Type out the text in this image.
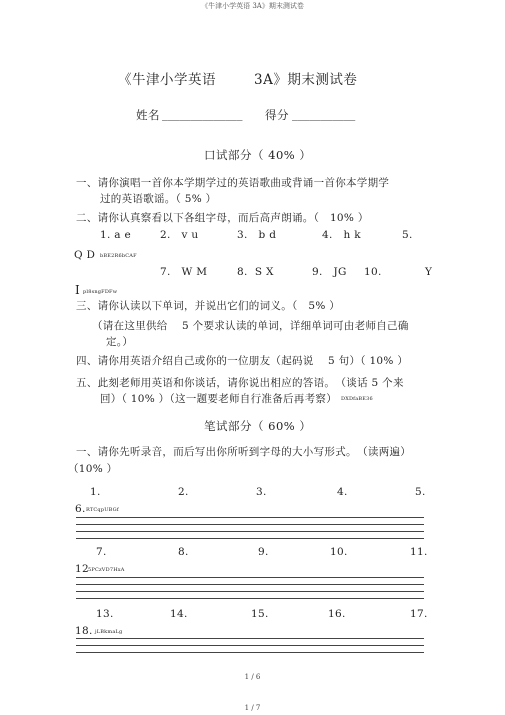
《牛津小学英语 3A》期末测试卷
《牛津小学英语	3A》期末测试卷
姓名 ______________ 得分 ___________
口试部分（ 40% ）
一、请你演唱一首你本学期学过的英语歌曲或背诵一首你本学期学
过的英语歌谣。（ 5% ）
二、请你认真察看以下各组字母，而后高声朗诵。（　10% ）
1. a e	2. v u	3. b d	4. h k	5.
Q D bBE2R6bCAF
7. W M	8. S X	9. JG 10.	Y
I pl8sngFDFw
三、请你认读以下单词，并说出它们的词义。（　5% ）
（请在这里供给　 5 个要求认读的单词，详细单词可由老师自己确
定。）
四、请你用英语介绍自己或你的一位朋友（起码说　 5 句）（ 10% ）
五、此刻老师用英语和你谈话，请你说出相应的答语。　（谈话 5 个来
回）（ 10% ）（这一题要老师自行准备后再考察） DXDfaBE36
笔试部分（ 60% ）
一、请你先听录音，而后写出你所听到字母的大小写形式。　（读两遍）
（10% ）
1.	2.	3.	4.	5.
6. RTCqpUBGf
7.	8.	9.	10.	11.
12 5PCzVD7HxA
13.	14.	15.	16.	17.
18. jLBkmaLg
1 / 6
1 / 7
